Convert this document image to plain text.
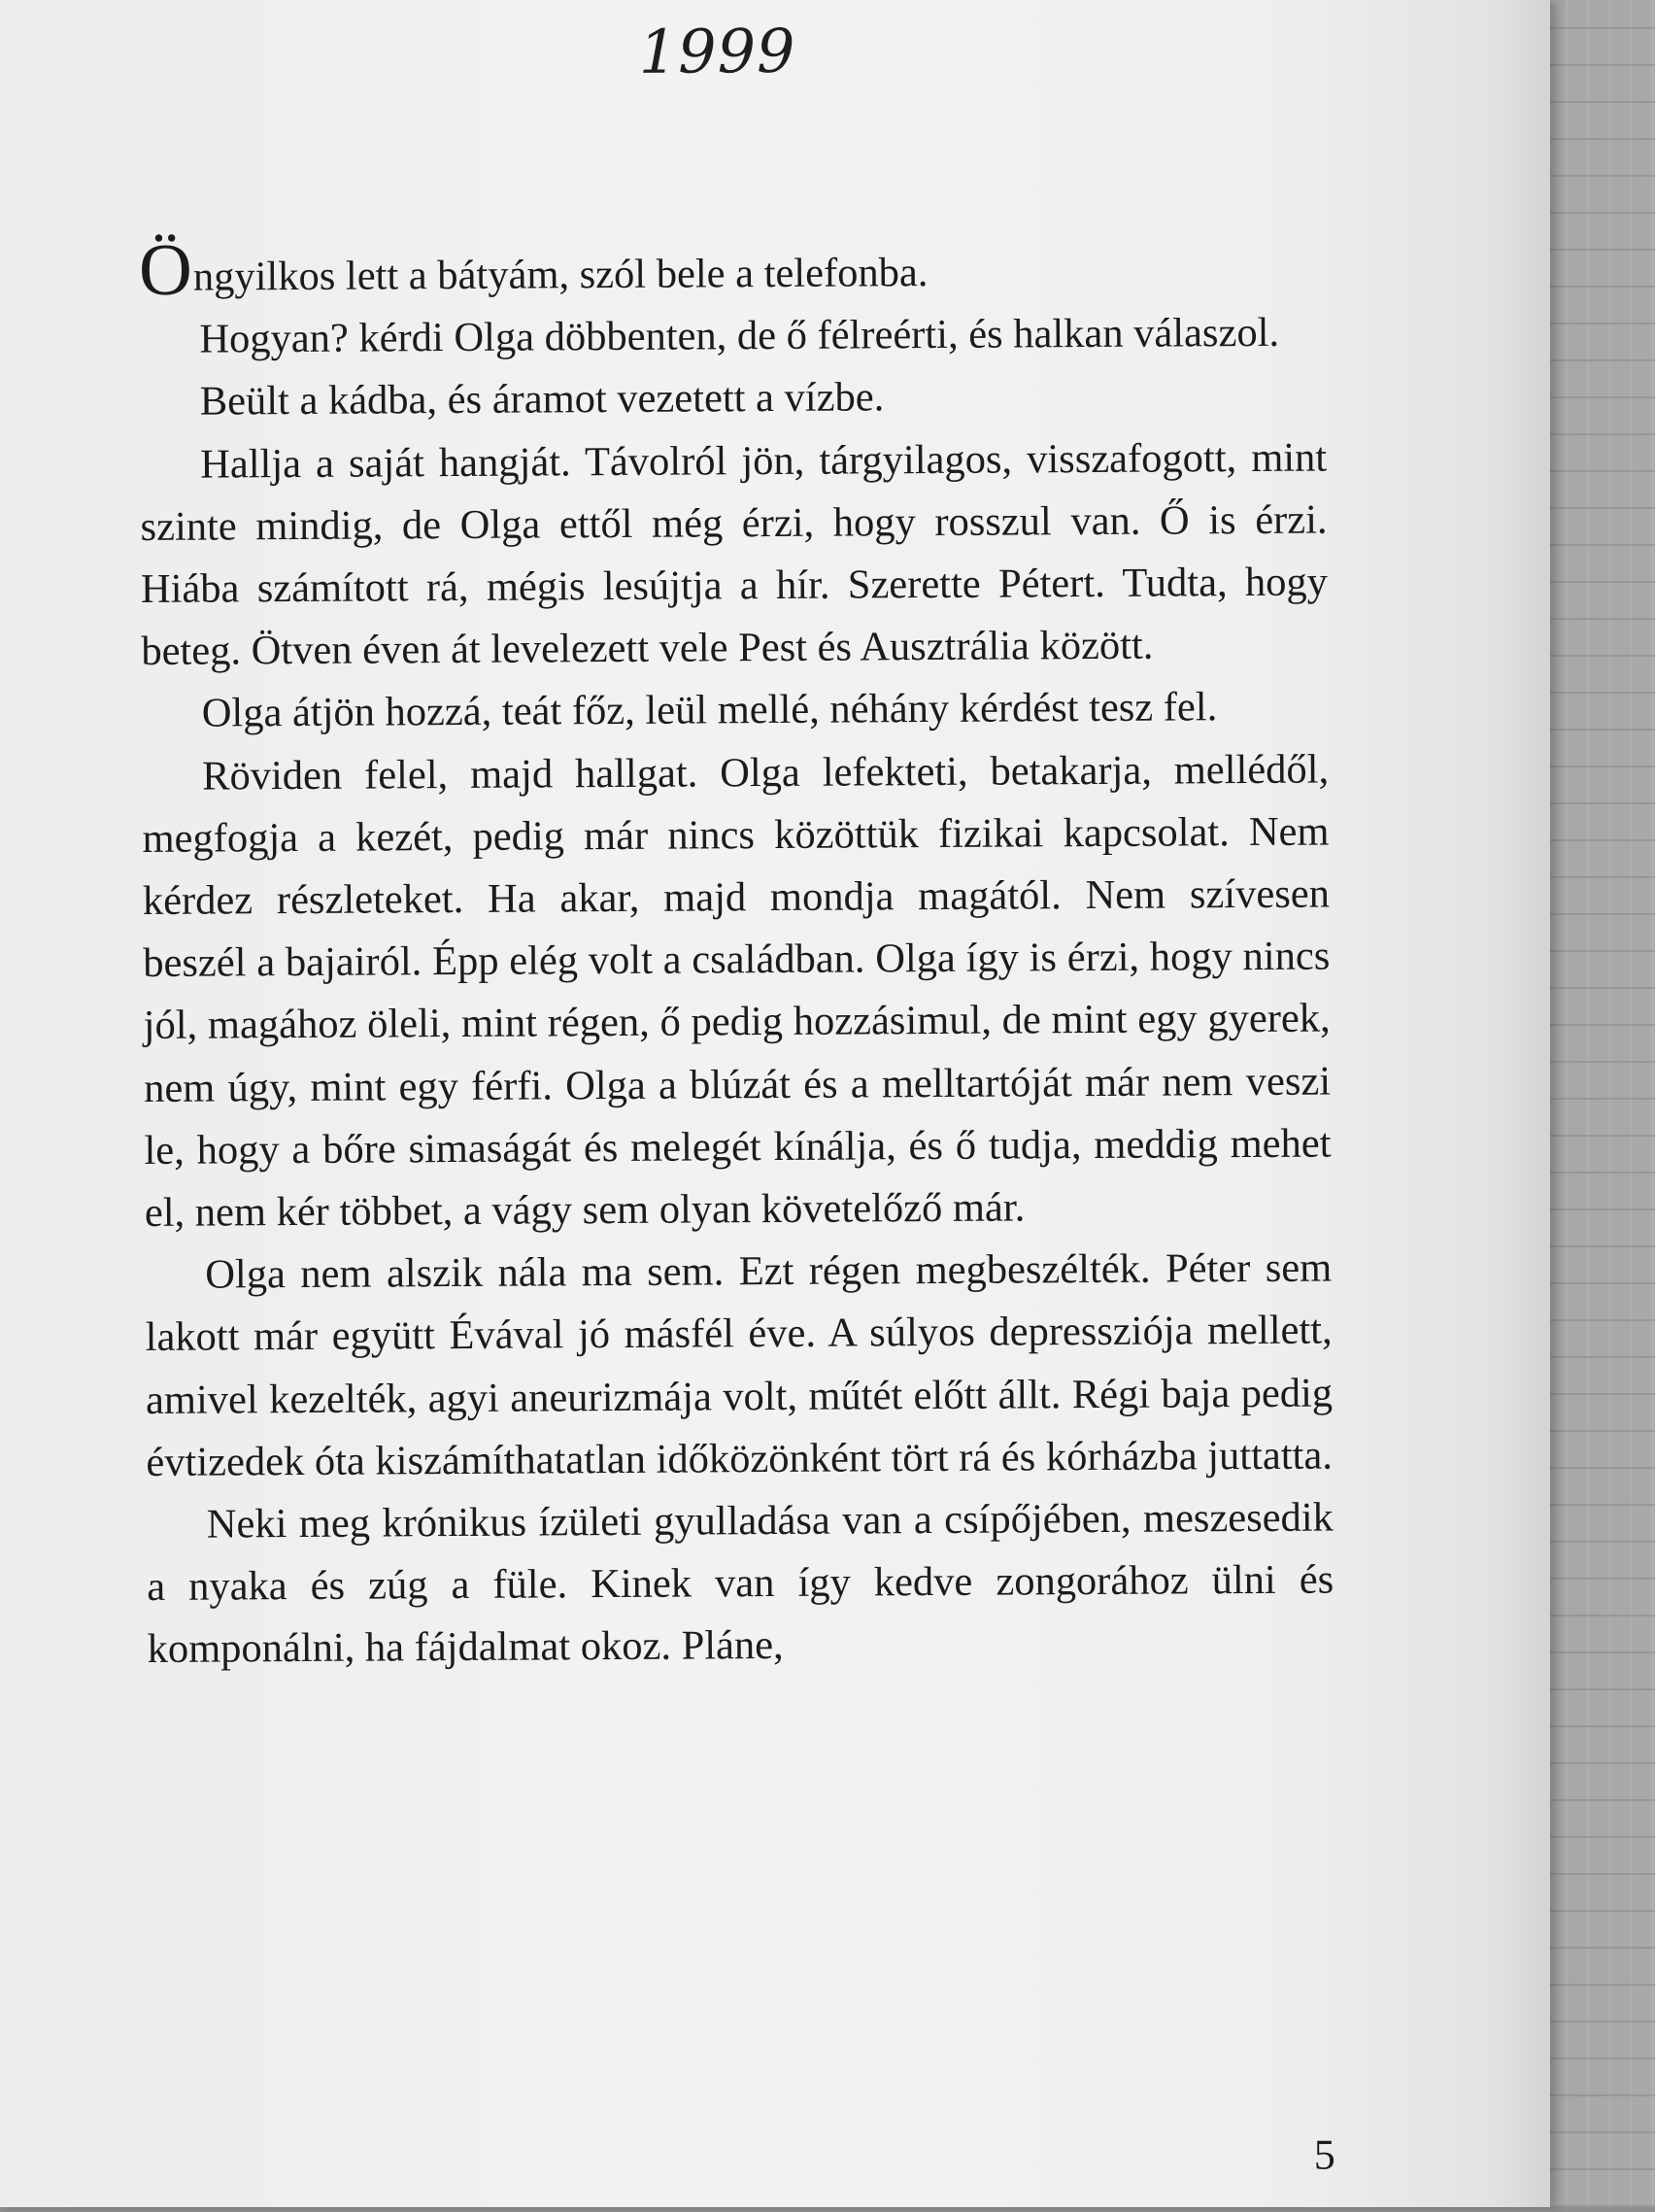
1999

Öngyilkos lett a bátyám, szól bele a telefonba.

Hogyan? kérdi Olga döbbenten, de ő félreérti, és halkan válaszol.

Beült a kádba, és áramot vezetett a vízbe.

Hallja a saját hangját. Távolról jön, tárgyilagos, visszafogott, mint szinte mindig, de Olga ettől még érzi, hogy rosszul van. Ő is érzi. Hiába számított rá, mégis lesújtja a hír. Szerette Pétert. Tudta, hogy beteg. Ötven éven át levelezett vele Pest és Ausztrália között.

Olga átjön hozzá, teát főz, leül mellé, néhány kérdést tesz fel.

Röviden felel, majd hallgat. Olga lefekteti, betakarja, mellédől, megfogja a kezét, pedig már nincs közöttük fizikai kapcsolat. Nem kérdez részleteket. Ha akar, majd mondja magától. Nem szívesen beszél a bajairól. Épp elég volt a családban. Olga így is érzi, hogy nincs jól, magához öleli, mint régen, ő pedig hozzásimul, de mint egy gyerek, nem úgy, mint egy férfi. Olga a blúzát és a melltartóját már nem veszi le, hogy a bőre simaságát és melegét kínálja, és ő tudja, meddig mehet el, nem kér többet, a vágy sem olyan követelőző már.

Olga nem alszik nála ma sem. Ezt régen megbeszélték. Péter sem lakott már együtt Évával jó másfél éve. A súlyos depressziója mellett, amivel kezelték, agyi aneurizmája volt, műtét előtt állt. Régi baja pedig évtizedek óta kiszámíthatatlan időközönként tört rá és kórházba juttatta.

Neki meg krónikus ízületi gyulladása van a csípőjében, meszesedik a nyaka és zúg a füle. Kinek van így kedve zongorához ülni és komponálni, ha fájdalmat okoz. Pláne,

5
